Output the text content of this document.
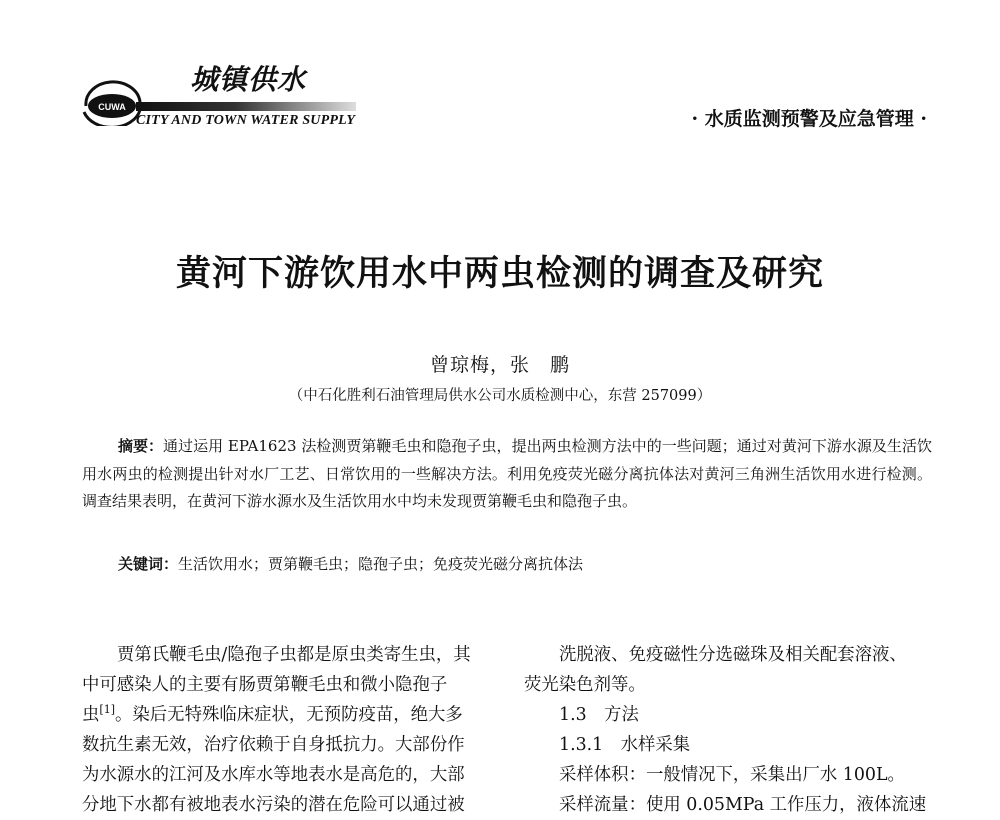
CUWA
城镇供水
CITY AND TOWN WATER SUPPLY	· 水质监测预警及应急管理 ·
黄河下游饮用水中两虫检测的调查及研究
曾琼梅，张　鹏
（中石化胜利石油管理局供水公司水质检测中心，东营 257099）
摘要：通过运用 EPA1623 法检测贾第鞭毛虫和隐孢子虫，提出两虫检测方法中的一些问题；通过对黄河下游水源及生活饮用水两虫的检测提出针对水厂工艺、日常饮用的一些解决方法。利用免疫荧光磁分离抗体法对黄河三角洲生活饮用水进行检测。调查结果表明，在黄河下游水源水及生活饮用水中均未发现贾第鞭毛虫和隐孢子虫。
关键词：生活饮用水；贾第鞭毛虫；隐孢子虫；免疫荧光磁分离抗体法
贾第氏鞭毛虫/隐孢子虫都是原虫类寄生虫，其
中可感染人的主要有肠贾第鞭毛虫和微小隐孢子
虫[1]。染后无特殊临床症状，无预防疫苗，绝大多
数抗生素无效，治疗依赖于自身抵抗力。大部份作
为水源水的江河及水库水等地表水是高危的，大部
分地下水都有被地表水污染的潜在危险可以通过被
洗脱液、免疫磁性分选磁珠及相关配套溶液、
荧光染色剂等。
1.3　方法
1.3.1　水样采集
采样体积：一般情况下，采集出厂水 100L。
采样流量：使用 0.05MPa 工作压力，液体流速
